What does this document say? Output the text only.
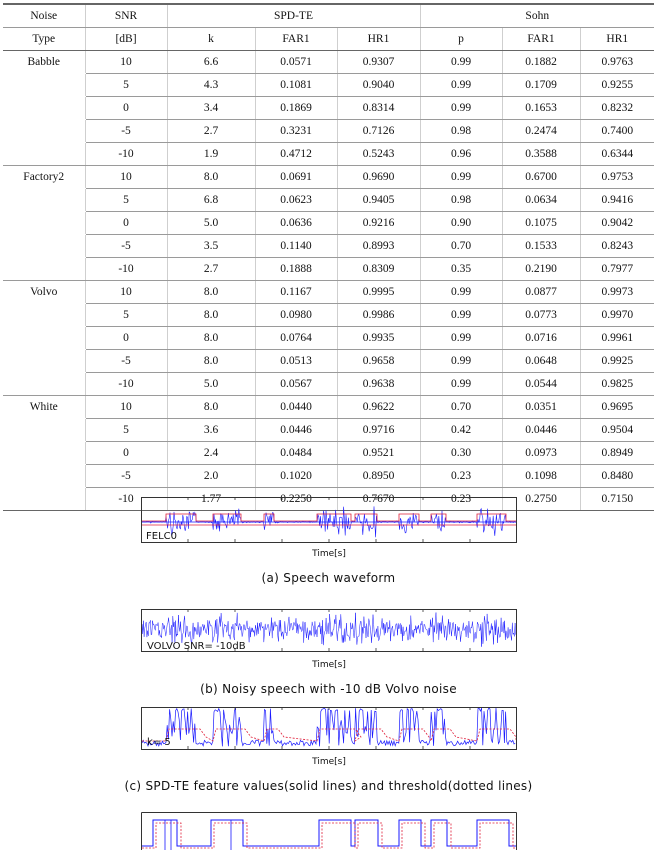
Noise	SNR	SPD-TE			Sohn		
Type	[dB]	k	FAR1	HR1	p	FAR1	HR1
Babble	10	6.6	0.0571	0.9307	0.99	0.1882	0.9763
	5	4.3	0.1081	0.9040	0.99	0.1709	0.9255
	0	3.4	0.1869	0.8314	0.99	0.1653	0.8232
	-5	2.7	0.3231	0.7126	0.98	0.2474	0.7400
	-10	1.9	0.4712	0.5243	0.96	0.3588	0.6344
Factory2	10	8.0	0.0691	0.9690	0.99	0.6700	0.9753
	5	6.8	0.0623	0.9405	0.98	0.0634	0.9416
	0	5.0	0.0636	0.9216	0.90	0.1075	0.9042
	-5	3.5	0.1140	0.8993	0.70	0.1533	0.8243
	-10	2.7	0.1888	0.8309	0.35	0.2190	0.7977
Volvo	10	8.0	0.1167	0.9995	0.99	0.0877	0.9973
	5	8.0	0.0980	0.9986	0.99	0.0773	0.9970
	0	8.0	0.0764	0.9935	0.99	0.0716	0.9961
	-5	8.0	0.0513	0.9658	0.99	0.0648	0.9925
	-10	5.0	0.0567	0.9638	0.99	0.0544	0.9825
White	10	8.0	0.0440	0.9622	0.70	0.0351	0.9695
	5	3.6	0.0446	0.9716	0.42	0.0446	0.9504
	0	2.4	0.0484	0.9521	0.30	0.0973	0.8949
	-5	2.0	0.1020	0.8950	0.23	0.1098	0.8480
	-10	1.77	0.2250	0.7670	0.23	0.2750	0.7150
FELC0
Time[s]
(a) Speech waveform
VOLVO SNR= -10dB
Time[s]
(b) Noisy speech with -10 dB Volvo noise
k= 5
Time[s]
(c) SPD-TE feature values(solid lines) and threshold(dotted lines)
